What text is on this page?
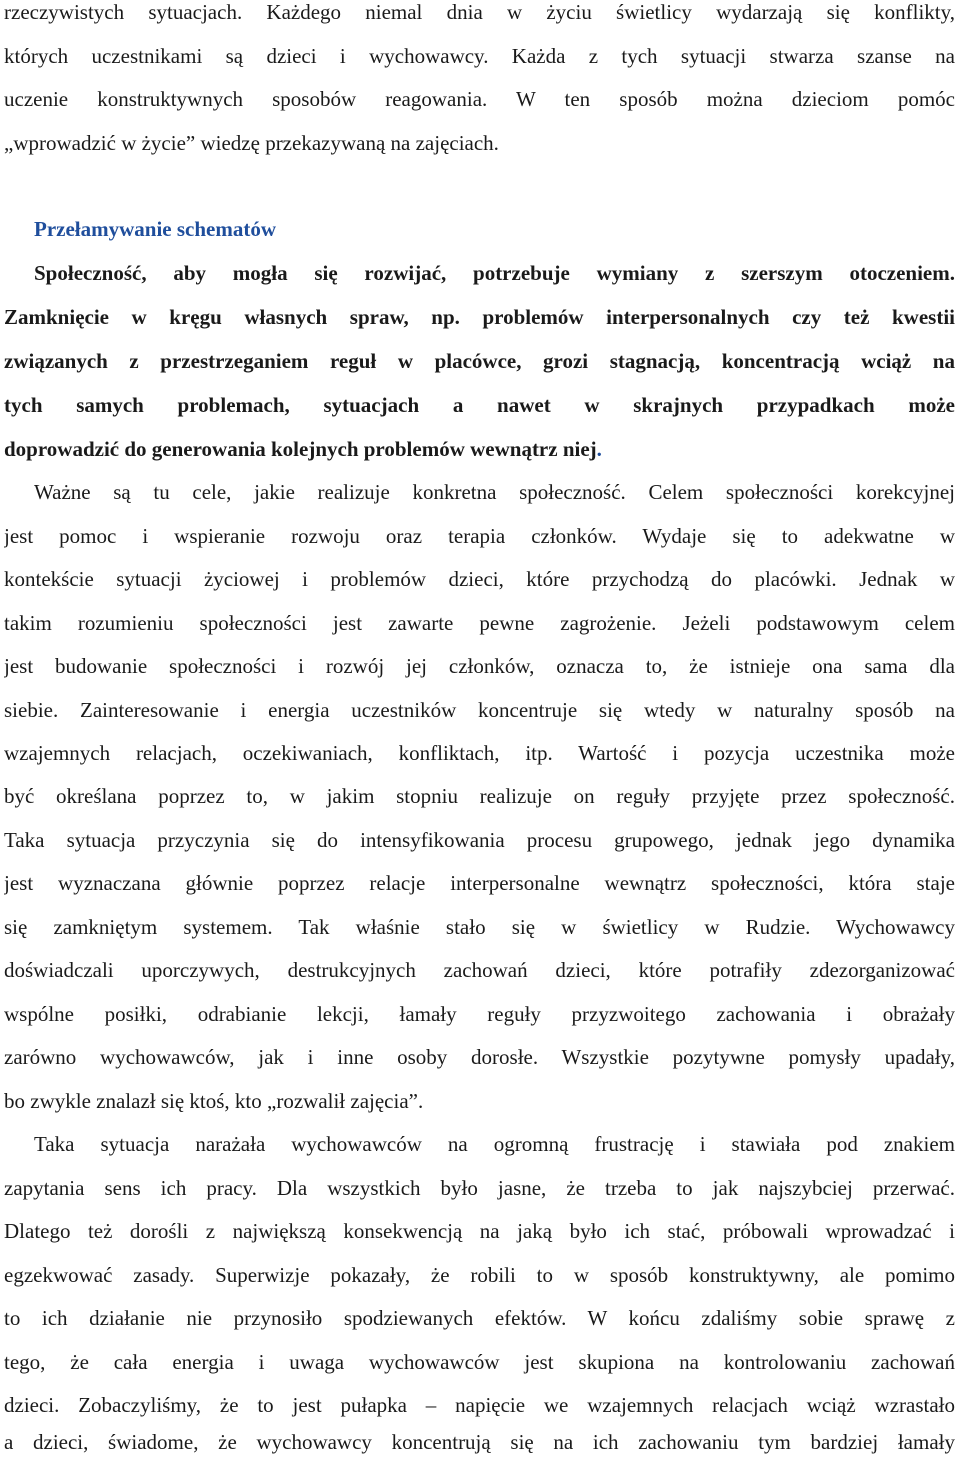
rzeczywistych sytuacjach. Każdego niemal dnia w życiu świetlicy wydarzają się konflikty,
których uczestnikami są dzieci i wychowawcy. Każda z tych sytuacji stwarza szanse na
uczenie konstruktywnych sposobów reagowania. W ten sposób można dzieciom pomóc
„wprowadzić w życie” wiedzę przekazywaną na zajęciach.
Przełamywanie schematów
Społeczność, aby mogła się rozwijać, potrzebuje wymiany z szerszym otoczeniem.
Zamknięcie w kręgu własnych spraw, np. problemów interpersonalnych czy też kwestii
związanych z przestrzeganiem reguł w placówce, grozi stagnacją, koncentracją wciąż na
tych samych problemach, sytuacjach a nawet w skrajnych przypadkach może
doprowadzić do generowania kolejnych problemów wewnątrz niej.
Ważne są tu cele, jakie realizuje konkretna społeczność. Celem społeczności korekcyjnej
jest pomoc i wspieranie rozwoju oraz terapia członków. Wydaje się to adekwatne w
kontekście sytuacji życiowej i problemów dzieci, które przychodzą do placówki. Jednak w
takim rozumieniu społeczności jest zawarte pewne zagrożenie. Jeżeli podstawowym celem
jest budowanie społeczności i rozwój jej członków, oznacza to, że istnieje ona sama dla
siebie. Zainteresowanie i energia uczestników koncentruje się wtedy w naturalny sposób na
wzajemnych relacjach, oczekiwaniach, konfliktach, itp. Wartość i pozycja uczestnika może
być określana poprzez to, w jakim stopniu realizuje on reguły przyjęte przez społeczność.
Taka sytuacja przyczynia się do intensyfikowania procesu grupowego, jednak jego dynamika
jest wyznaczana głównie poprzez relacje interpersonalne wewnątrz społeczności, która staje
się zamkniętym systemem. Tak właśnie stało się w świetlicy w Rudzie. Wychowawcy
doświadczali uporczywych, destrukcyjnych zachowań dzieci, które potrafiły zdezorganizować
wspólne posiłki, odrabianie lekcji, łamały reguły przyzwoitego zachowania i obrażały
zarówno wychowawców, jak i inne osoby dorosłe. Wszystkie pozytywne pomysły upadały,
bo zwykle znalazł się ktoś, kto „rozwalił zajęcia”.
Taka sytuacja narażała wychowawców na ogromną frustrację i stawiała pod znakiem
zapytania sens ich pracy. Dla wszystkich było jasne, że trzeba to jak najszybciej przerwać.
Dlatego też dorośli z największą konsekwencją na jaką było ich stać, próbowali wprowadzać i
egzekwować zasady. Superwizje pokazały, że robili to w sposób konstruktywny, ale pomimo
to ich działanie nie przynosiło spodziewanych efektów. W końcu zdaliśmy sobie sprawę z
tego, że cała energia i uwaga wychowawców jest skupiona na kontrolowaniu zachowań
dzieci. Zobaczyliśmy, że to jest pułapka – napięcie we wzajemnych relacjach wciąż wzrastało
a dzieci, świadome, że wychowawcy koncentrują się na ich zachowaniu tym bardziej łamały
